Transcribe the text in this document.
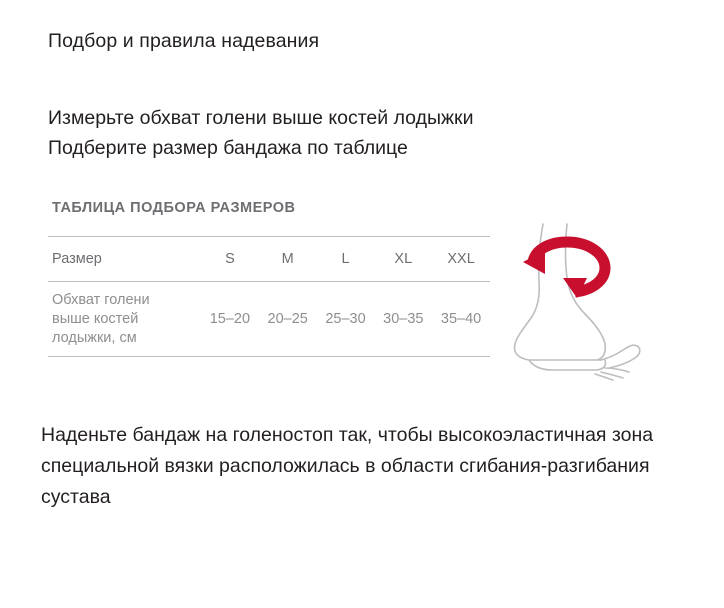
Подбор и правила надевания
Измерьте обхват голени выше костей лодыжки
Подберите размер бандажа по таблице
ТАБЛИЦА ПОДБОРА РАЗМЕРОВ
Размер	S	M	L	XL	XXL

Обхват голени
выше костей
лодыжки, см	15–20	20–25	25–30	30–35	35–40
Наденьте бандаж на голеностоп так, чтобы высокоэластичная зона специальной вязки расположилась в области сгибания-разгибания сустава
